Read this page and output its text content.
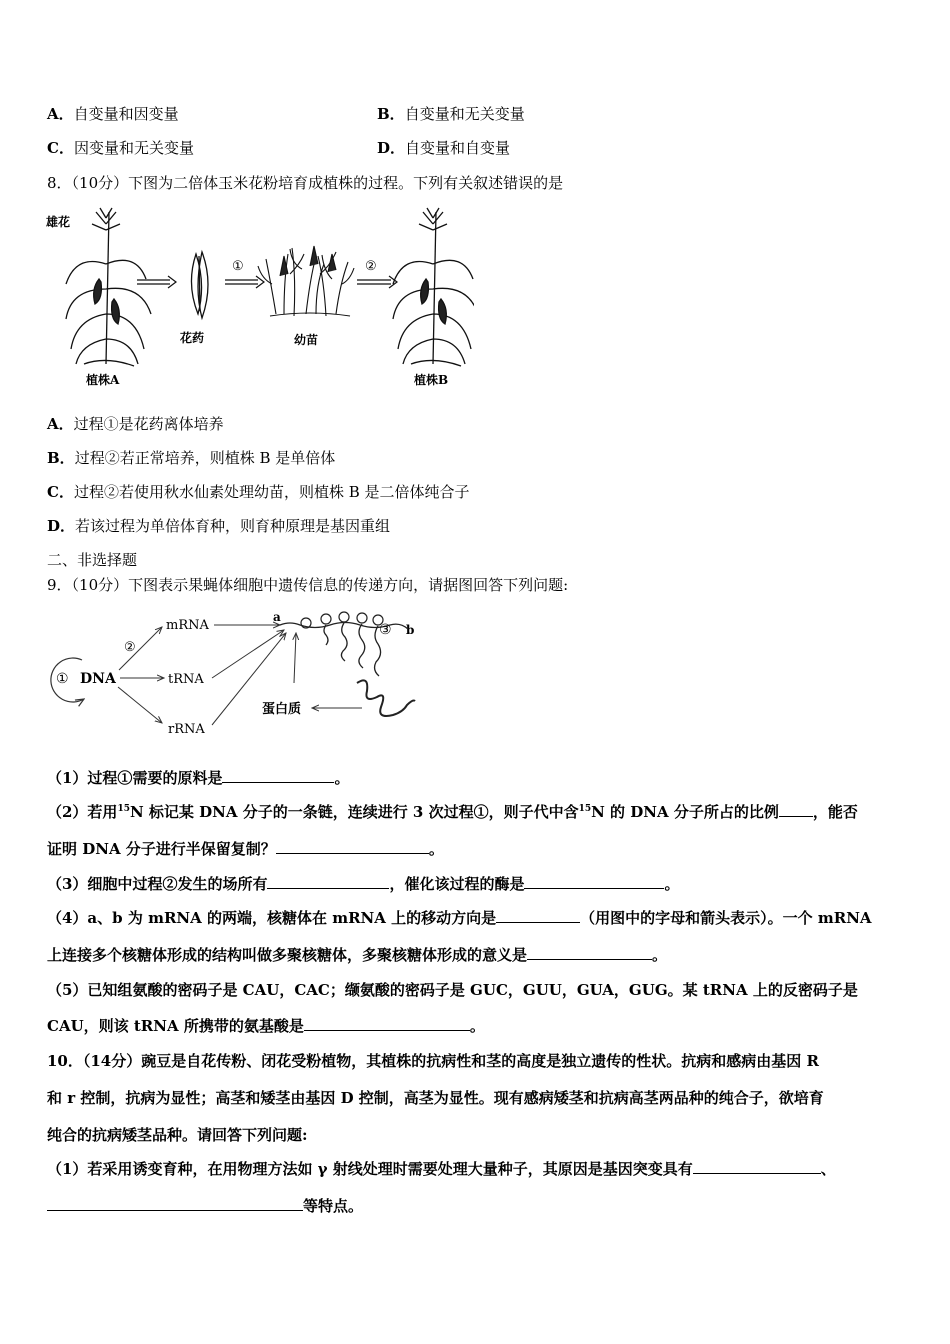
A．自变量和因变量	B．自变量和无关变量
C．因变量和无关变量	D．自变量和自变量
8．（10分）下图为二倍体玉米花粉培育成植株的过程。下列有关叙述错误的是
雄花
植株A
花药
①
幼苗
②
植株B
A．过程①是花药离体培养
B．过程②若正常培养，则植株 B 是单倍体
C．过程②若使用秋水仙素处理幼苗，则植株 B 是二倍体纯合子
D．若该过程为单倍体育种，则育种原理是基因重组
二、非选择题
9．（10分）下图表示果蝇体细胞中遗传信息的传递方向，请据图回答下列问题:
① DNA
②
mRNA
tRNA
rRNA
a
b
③
蛋白质
（1）过程①需要的原料是	。
（2）若用$^{15}$N 标记某 DNA 分子的一条链，连续进行 3 次过程①，则子代中含$^{15}$N 的 DNA 分子所占的比例 ，能否
证明 DNA 分子进行半保留复制？	。
（3）细胞中过程②发生的场所有	，催化该过程的酶是	。
（4）a、b 为 mRNA 的两端，核糖体在 mRNA 上的移动方向是	（用图中的字母和箭头表示）。一个 mRNA
上连接多个核糖体形成的结构叫做多聚核糖体，多聚核糖体形成的意义是	。
（5）已知组氨酸的密码子是 CAU，CAC；缬氨酸的密码子是 GUC，GUU，GUA，GUG。某 tRNA 上的反密码子是
CAU，则该 tRNA 所携带的氨基酸是	。
10．（14分）豌豆是自花传粉、闭花受粉植物，其植株的抗病性和茎的高度是独立遗传的性状。抗病和感病由基因 R
和 r 控制，抗病为显性；高茎和矮茎由基因 D 控制，高茎为显性。现有感病矮茎和抗病高茎两品种的纯合子，欲培育
纯合的抗病矮茎品种。请回答下列问题:
（1）若采用诱变育种，在用物理方法如 γ 射线处理时需要处理大量种子，其原因是基因突变具有	、
等特点。
